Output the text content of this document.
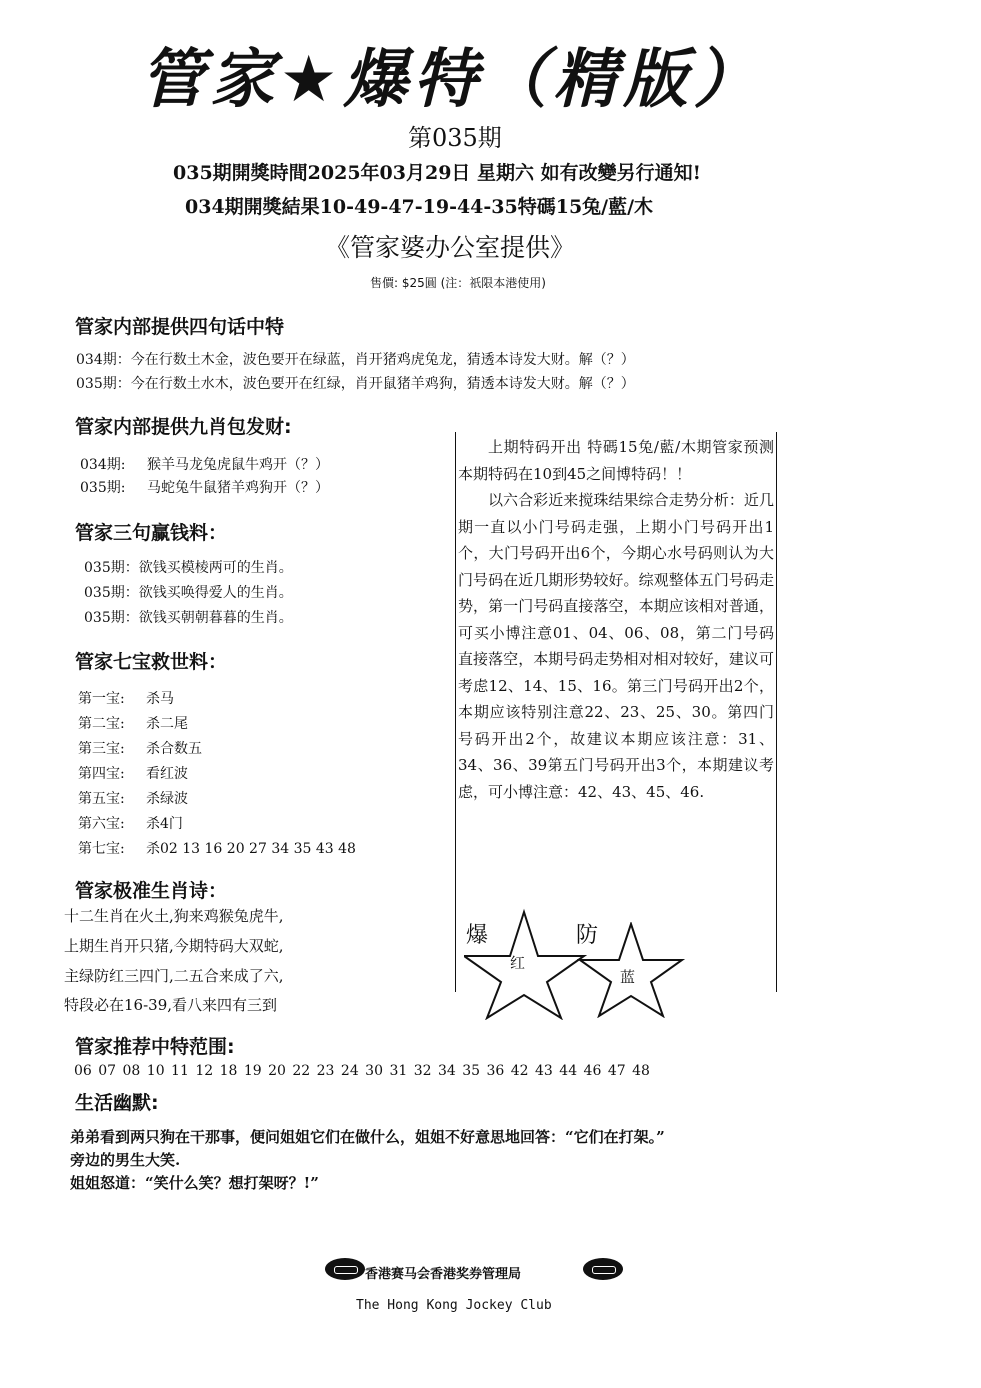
管家★爆特（精版）
第035期
035期開獎時間2025年03月29日 星期六 如有改變另行通知!
034期開獎結果10-49-47-19-44-35特碼15兔/藍/木
《管家婆办公室提供》
售價: $25圓 (注：祇限本港使用)
管家内部提供四句话中特
034期：今在行数土木金，波色要开在绿蓝，肖开猪鸡虎兔龙，猜透本诗发大财。解（？）
035期：今在行数土水木，波色要开在红绿，肖开鼠猪羊鸡狗，猜透本诗发大财。解（？）
管家内部提供九肖包发财:
034期: 猴羊马龙兔虎鼠牛鸡开（？）
035期: 马蛇兔牛鼠猪羊鸡狗开（？）
管家三句赢钱料：
035期：欲钱买模棱两可的生肖。
035期：欲钱买唤得爱人的生肖。
035期：欲钱买朝朝暮暮的生肖。
管家七宝救世料：
第一宝: 杀马
第二宝: 杀二尾
第三宝: 杀合数五
第四宝: 看红波
第五宝: 杀绿波
第六宝: 杀4门
第七宝: 杀02 13 16 20 27 34 35 43 48
管家极准生肖诗：
十二生肖在火土,狗来鸡猴兔虎牛,
上期生肖开只猪,今期特码大双蛇,
主绿防红三四门,二五合来成了六,
特段必在16-39,看八来四有三到

上期特码开出 特碼15兔/藍/木期管家预测本期特码在10到45之间博特码！！

以六合彩近来搅珠结果综合走势分析：近几期一直以小门号码走强，上期小门号码开出1个，大门号码开出6个，今期心水号码则认为大门号码在近几期形势较好。综观整体五门号码走势，第一门号码直接落空，本期应该相对普通，可买小博注意01、04、06、08，第二门号码直接落空，本期号码走势相对相对较好，建议可考虑12、14、15、16。第三门号码开出2个，本期应该特别注意22、23、25、30。第四门号码开出2个，故建议本期应该注意：31、34、36、39第五门号码开出3个，本期建议考虑，可小博注意：42、43、45、46.

爆	防
红
蓝
管家推荐中特范围:
06 07 08 10 11 12 18 19 20 22 23 24 30 31 32 34 35 36 42 43 44 46 47 48
生活幽默:
弟弟看到两只狗在干那事，便问姐姐它们在做什么，姐姐不好意思地回答：“它们在打架。”
旁边的男生大笑.
姐姐怒道：“笑什么笑？想打架呀？!”
香港赛马会香港奖券管理局
The Hong Kong Jockey Club
